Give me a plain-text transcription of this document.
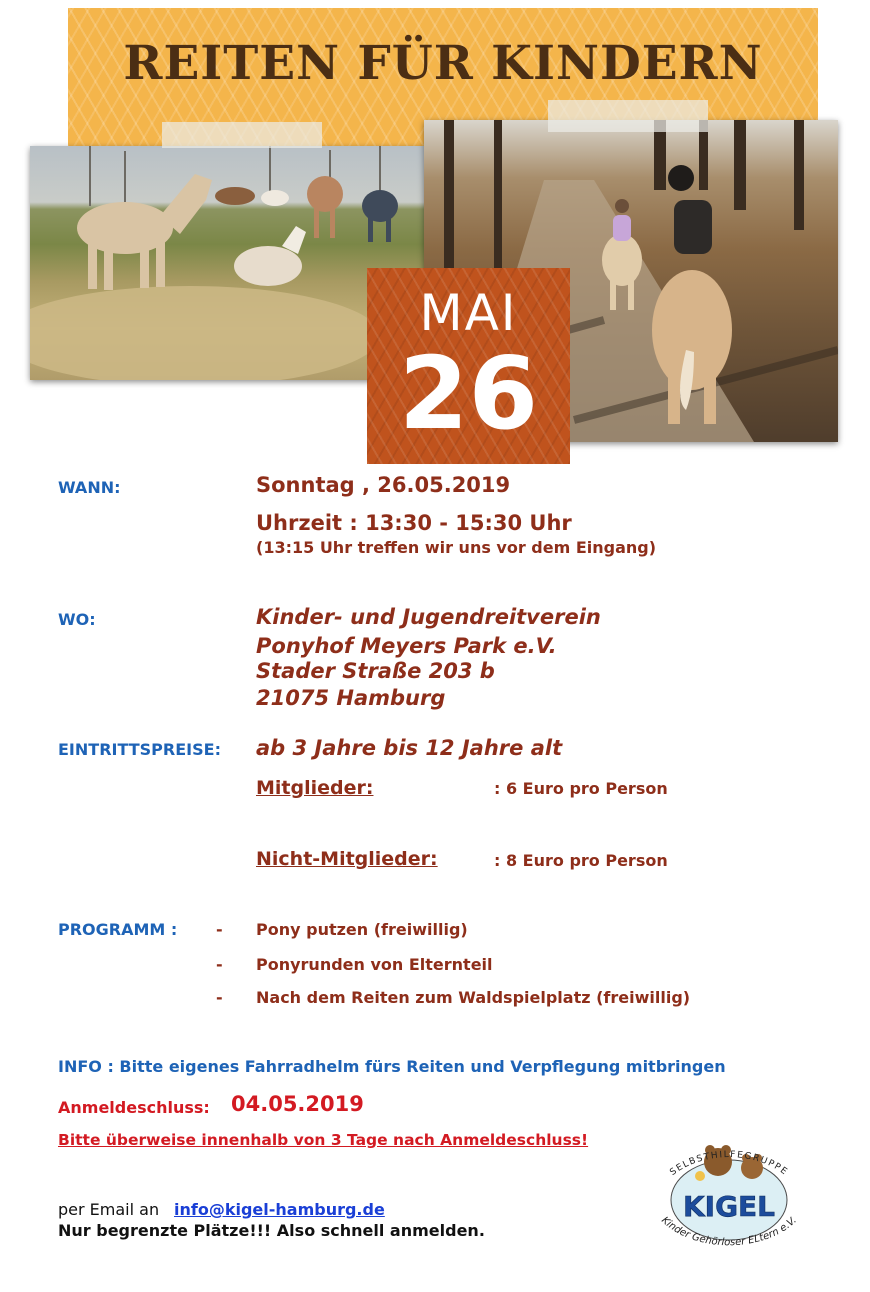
REITEN FÜR KINDERN
MAI
26
WANN:	Sonntag , 26.05.2019
Uhrzeit : 13:30 - 15:30 Uhr
(13:15 Uhr treffen wir uns vor dem Eingang)
WO:	Kinder- und Jugendreitverein
Ponyhof Meyers Park e.V.
Stader Straße 203 b
21075 Hamburg
EINTRITTSPREISE: ab 3 Jahre bis 12 Jahre alt
Mitglieder:	: 6 Euro pro Person
Nicht-Mitglieder:	: 8 Euro pro Person
PROGRAMM : - Pony putzen (freiwillig)
- Ponyrunden von Elternteil
- Nach dem Reiten zum Waldspielplatz (freiwillig)
INFO : Bitte eigenes Fahrradhelm fürs Reiten und Verpflegung mitbringen
Anmeldeschluss: 04.05.2019
Bitte überweise innenhalb von 3 Tage nach Anmeldeschluss!
per Email an info@kigel-hamburg.de
Nur begrenzte Plätze!!! Also schnell anmelden.
KIGEL
SELBSTHILFEGRUPPE
Kinder Gehörloser ELtern e.V.
